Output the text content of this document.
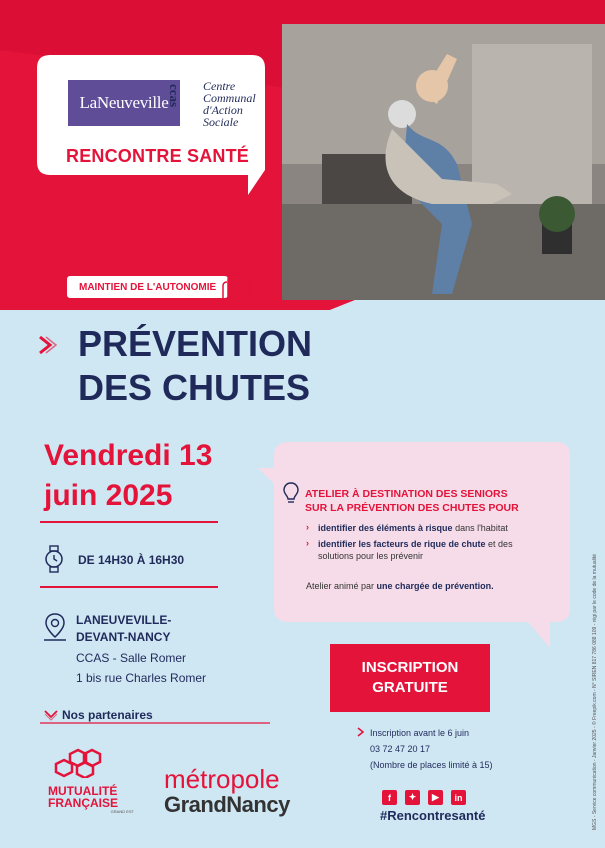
LaNeuveville
ccas Centre
Communal
d'Action
Sociale
RENCONTRE SANTÉ
MAINTIEN DE L'AUTONOMIE
PRÉVENTION
DES CHUTES
Vendredi 13
juin 2025
DE 14H30 À 16H30
LANEUVEVILLE-
DEVANT-NANCY
CCAS - Salle Romer
1 bis rue Charles Romer
Nos partenaires
MUTUALITÉ
FRANÇAISE
GRAND EST
métropole
GrandNancy
ATELIER À DESTINATION DES SENIORS
SUR LA PRÉVENTION DES CHUTES POUR
› identifier des éléments à risque dans l'habitat
› identifier les facteurs de rique de chute et des solutions pour les prévenir
Atelier animé par une chargée de prévention.
INSCRIPTION
GRATUITE
Inscription avant le 6 juin
03 72 47 20 17
(Nombre de places limité à 15)
f	✦	▶	in
#Rencontresanté	MGS - Service communication - Janvier 2025 - © Freepik.com - N° SIREN 817 786 088 109 - régi par le code de la mutualité
